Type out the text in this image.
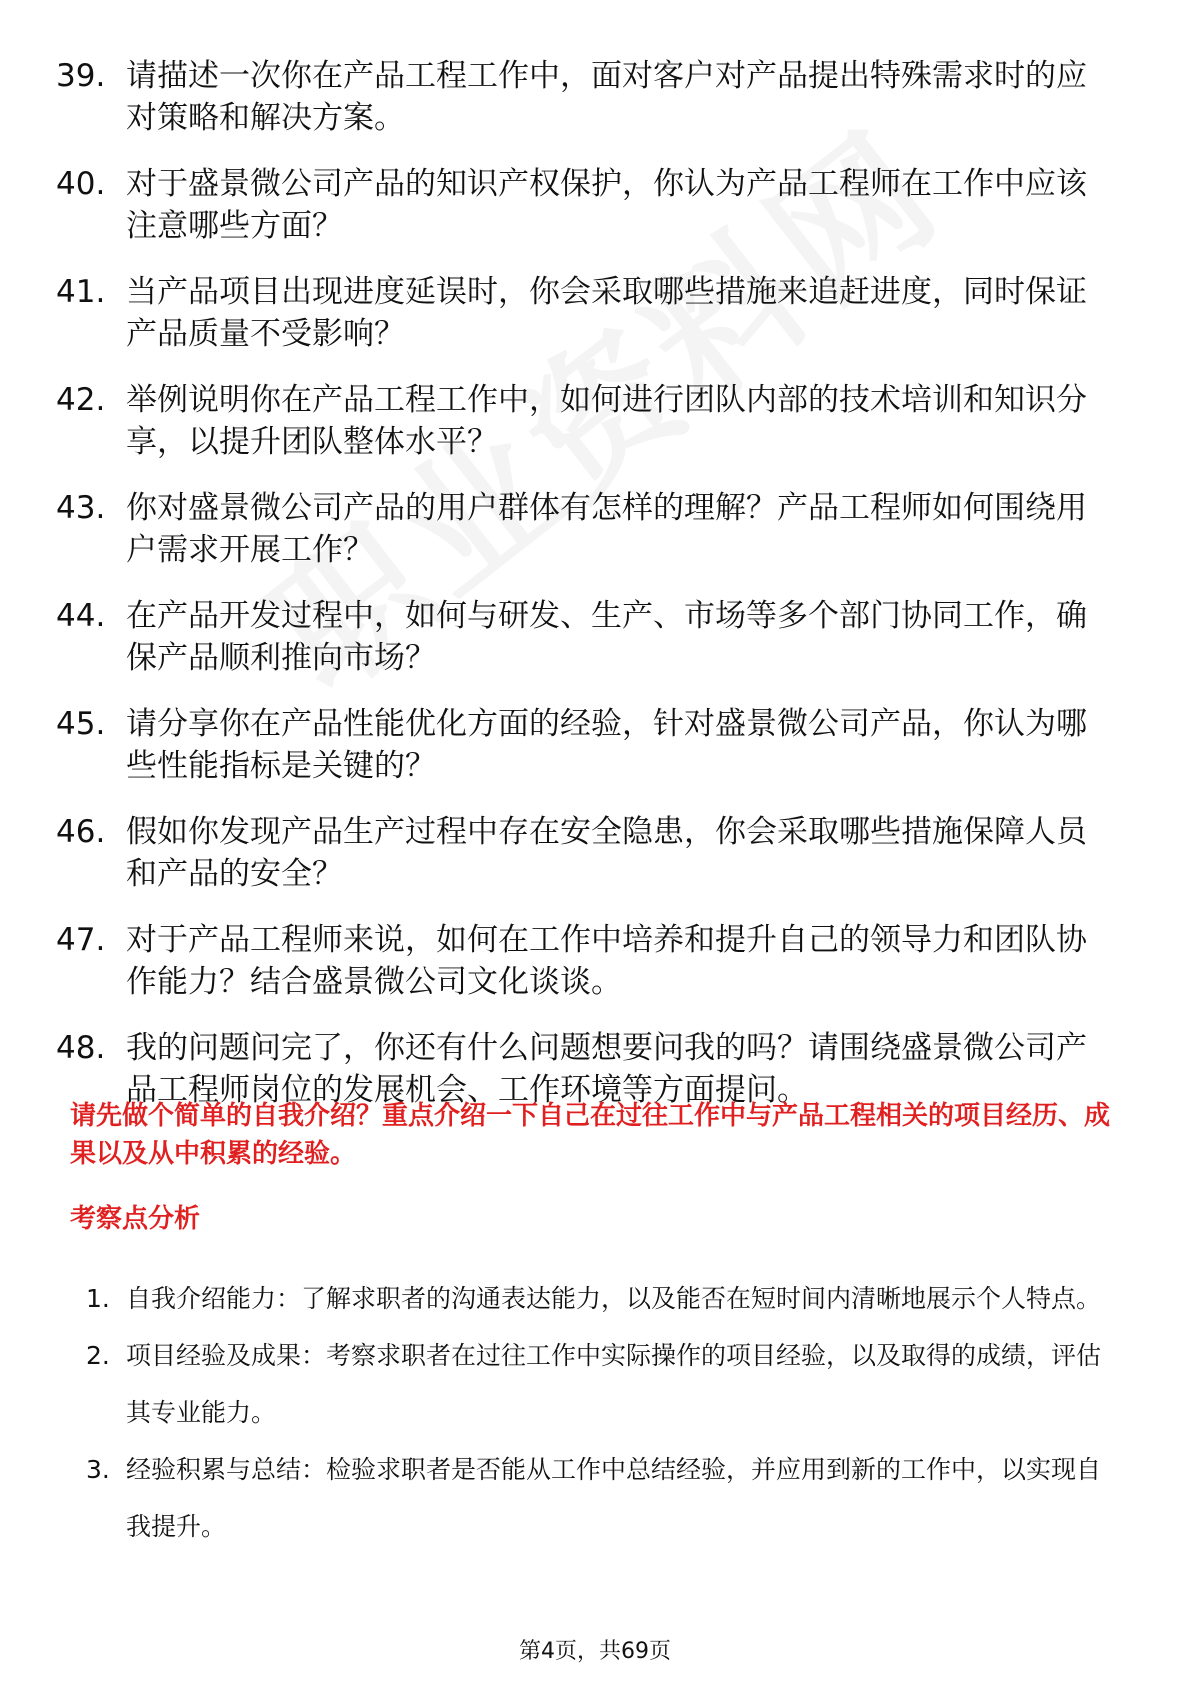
39. 请描述一次你在产品工程工作中，面对客户对产品提出特殊需求时的应对策略和解决方案。
40. 对于盛景微公司产品的知识产权保护，你认为产品工程师在工作中应该注意哪些方面？
41. 当产品项目出现进度延误时，你会采取哪些措施来追赶进度，同时保证产品质量不受影响？
42. 举例说明你在产品工程工作中，如何进行团队内部的技术培训和知识分享，以提升团队整体水平？
43. 你对盛景微公司产品的用户群体有怎样的理解？产品工程师如何围绕用户需求开展工作？
44. 在产品开发过程中，如何与研发、生产、市场等多个部门协同工作，确保产品顺利推向市场？
45. 请分享你在产品性能优化方面的经验，针对盛景微公司产品，你认为哪些性能指标是关键的？
46. 假如你发现产品生产过程中存在安全隐患，你会采取哪些措施保障人员和产品的安全？
47. 对于产品工程师来说，如何在工作中培养和提升自己的领导力和团队协作能力？结合盛景微公司文化谈谈。
48. 我的问题问完了，你还有什么问题想要问我的吗？请围绕盛景微公司产品工程师岗位的发展机会、工作环境等方面提问。
请先做个简单的自我介绍？重点介绍一下自己在过往工作中与产品工程相关的项目经历、成果以及从中积累的经验。
考察点分析
1. 自我介绍能力：了解求职者的沟通表达能力，以及能否在短时间内清晰地展示个人特点。
2. 项目经验及成果：考察求职者在过往工作中实际操作的项目经验，以及取得的成绩，评估其专业能力。
3. 经验积累与总结：检验求职者是否能从工作中总结经验，并应用到新的工作中，以实现自我提升。
第4页，共69页
